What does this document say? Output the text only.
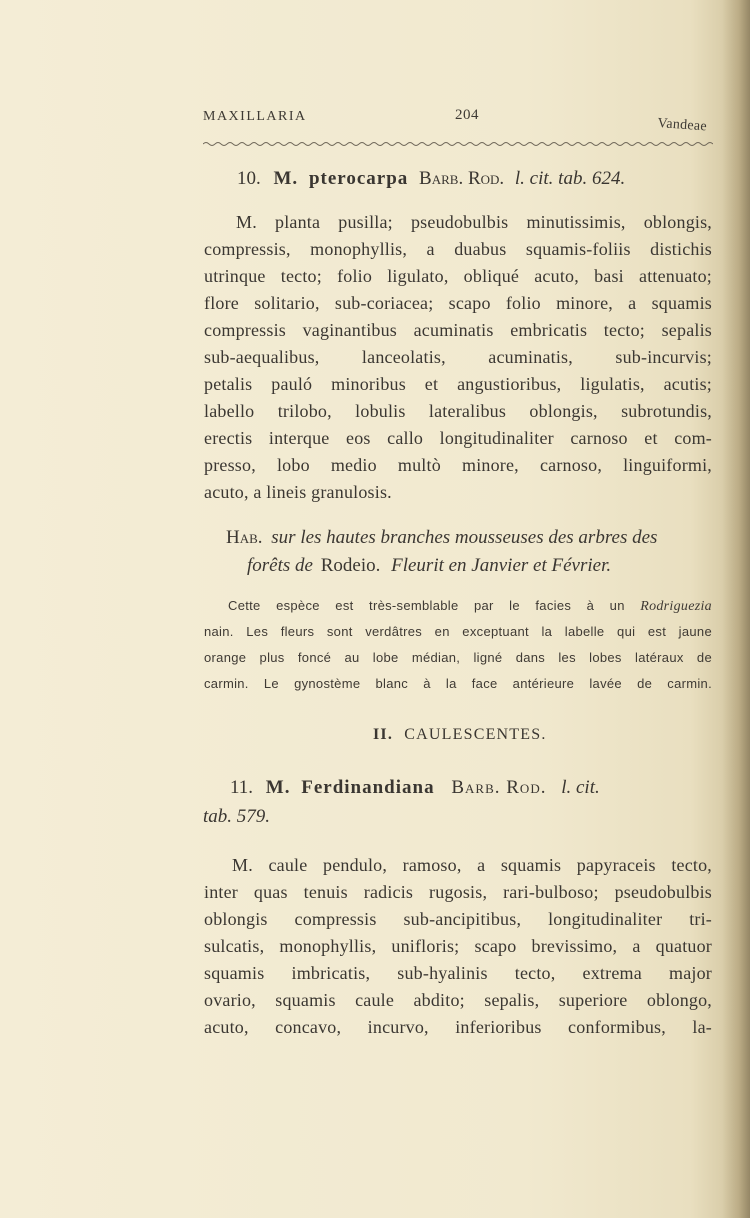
MAXILLARIA	204
Vandeae
10. M. pterocarpa Barb. Rod. l. cit. tab. 624.
M. planta pusilla; pseudobulbis minutissimis, oblongis,
compressis, monophyllis, a duabus squamis-foliis distichis
utrinque tecto; folio ligulato, obliqué acuto, basi attenuato;
flore solitario, sub-coriacea; scapo folio minore, a squamis
compressis vaginantibus acuminatis embricatis tecto; sepalis
sub-aequalibus, lanceolatis, acuminatis, sub-incurvis;
petalis pauló minoribus et angustioribus, ligulatis, acutis;
labello trilobo, lobulis lateralibus oblongis, subrotundis,
erectis interque eos callo longitudinaliter carnoso et com-
presso, lobo medio multò minore, carnoso, linguiformi,
acuto, a lineis granulosis.
Hab. sur les hautes branches mousseuses des arbres des
forêts de Rodeio. Fleurit en Janvier et Février.
Cette espèce est très-semblable par le facies à un Rodriguezia
nain. Les fleurs sont verdâtres en exceptuant la labelle qui est jaune
orange plus foncé au lobe médian, ligné dans les lobes latéraux de
carmin. Le gynostème blanc à la face antérieure lavée de carmin.
II. CAULESCENTES.
11. M. Ferdinandiana Barb. Rod. l. cit.
tab. 579.
M. caule pendulo, ramoso, a squamis papyraceis tecto,
inter quas tenuis radicis rugosis, rari-bulboso; pseudobulbis
oblongis compressis sub-ancipitibus, longitudinaliter tri-
sulcatis, monophyllis, unifloris; scapo brevissimo, a quatuor
squamis imbricatis, sub-hyalinis tecto, extrema major
ovario, squamis caule abdito; sepalis, superiore oblongo,
acuto, concavo, incurvo, inferioribus conformibus, la-
